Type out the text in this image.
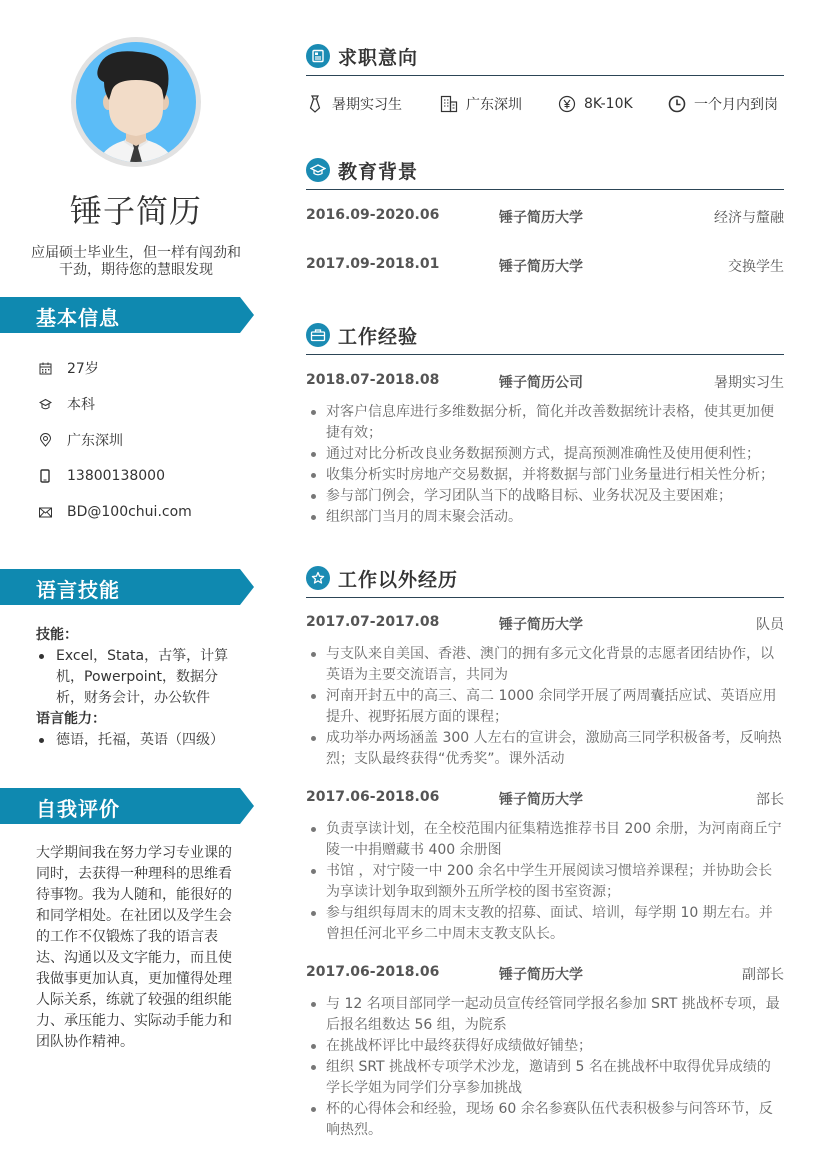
锤子简历
应届硕士毕业生，但一样有闯劲和干劲，期待您的慧眼发现
基本信息
27岁
本科
广东深圳
13800138000
BD@100chui.com
语言技能
技能：
Excel，Stata，古筝，计算机，Powerpoint，数据分析，财务会计，办公软件
语言能力：
德语，托福，英语（四级）
自我评价
大学期间我在努力学习专业课的同时，去获得一种理科的思维看待事物。我为人随和，能很好的和同学相处。在社团以及学生会的工作不仅锻炼了我的语言表达、沟通以及文字能力，而且使我做事更加认真，更加懂得处理人际关系，练就了较强的组织能力、承压能力、实际动手能力和团队协作精神。
求职意向
暑期实习生	广东深圳	8K-10K	一个月内到岗
教育背景
2016.09-2020.06	锤子简历大学	经济与釐融
2017.09-2018.01	锤子简历大学	交换学生
工作经验
2018.07-2018.08	锤子简历公司	暑期实习生
对客户信息库进行多维数据分析，简化并改善数据统计表格，使其更加便捷有效；
通过对比分析改良业务数据预测方式，提高预测准确性及使用便利性；
收集分析实时房地产交易数据，并将数据与部门业务量进行相关性分析；
参与部门例会，学习团队当下的战略目标、业务状况及主要困难；
组织部门当月的周末聚会活动。
工作以外经历
2017.07-2017.08	锤子简历大学	队员
与支队来自美国、香港、澳门的拥有多元文化背景的志愿者团结协作，以英语为主要交流语言，共同为
河南开封五中的高三、高二 1000 余同学开展了两周囊括应试、英语应用提升、视野拓展方面的课程；
成功举办两场涵盖 300 人左右的宣讲会，激励高三同学积极备考，反响热烈；支队最终获得“优秀奖”。课外活动
2017.06-2018.06	锤子简历大学	部长
负责享读计划，在全校范围内征集精选推荐书目 200 余册，为河南商丘宁陵一中捐赠藏书 400 余册图
书馆 ，对宁陵一中 200 余名中学生开展阅读习惯培养课程；并协助会长为享读计划争取到额外五所学校的图书室资源；
参与组织每周末的周末支教的招募、面试、培训，每学期 10 期左右。并曾担任河北平乡二中周末支教支队长。
2017.06-2018.06	锤子简历大学	副部长
与 12 名项目部同学一起动员宣传经管同学报名参加 SRT 挑战杯专项，最后报名组数达 56 组，为院系
在挑战杯评比中最终获得好成绩做好铺垫；
组织 SRT 挑战杯专项学术沙龙，邀请到 5 名在挑战杯中取得优异成绩的学长学姐为同学们分享参加挑战
杯的心得体会和经验，现场 60 余名参赛队伍代表积极参与问答环节，反响热烈。
